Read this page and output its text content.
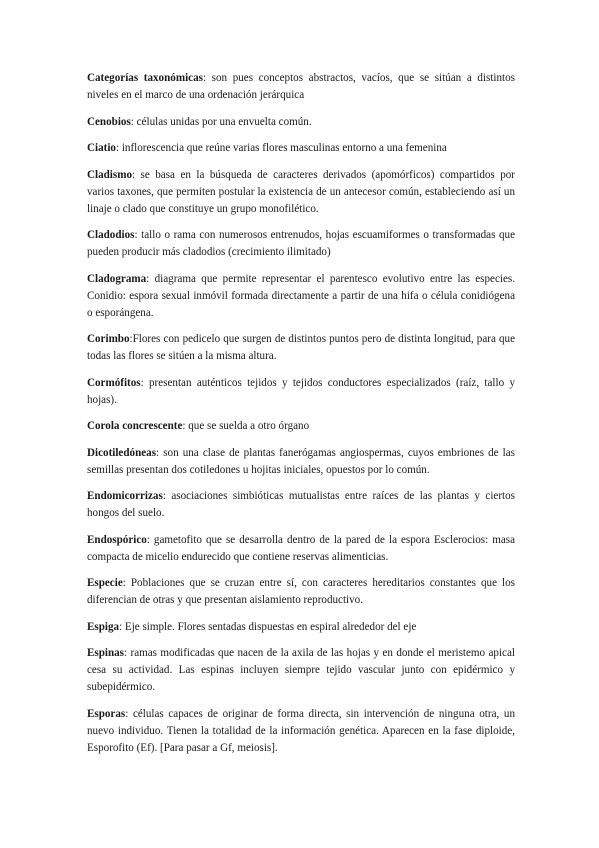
Categorías taxonómicas: son pues conceptos abstractos, vacíos, que se sitúan a distintos niveles en el marco de una ordenación jerárquica

Cenobios: células unidas por una envuelta común.

Ciatio: inflorescencia que reúne varias flores masculinas entorno a una femenina

Cladismo: se basa en la búsqueda de caracteres derivados (apomórficos) compartidos por varios taxones, que permiten postular la existencia de un antecesor común, estableciendo así un linaje o clado que constituye un grupo monofilético.

Cladodios: tallo o rama con numerosos entrenudos, hojas escuamiformes o transformadas que pueden producir más cladodios (crecimiento ilimitado)

Cladograma: diagrama que permite representar el parentesco evolutivo entre las especies. Conidio: espora sexual inmóvil formada directamente a partir de una hifa o célula conidiógena o esporángena.

Corimbo:Flores con pedicelo que surgen de distintos puntos pero de distinta longitud, para que todas las flores se sitúen a la misma altura.

Cormófitos: presentan auténticos tejidos y tejidos conductores especializados (raíz, tallo y hojas).

Corola concrescente: que se suelda a otro órgano

Dicotiledóneas: son una clase de plantas fanerógamas angiospermas, cuyos embriones de las semillas presentan dos cotiledones u hojitas iniciales, opuestos por lo común.

Endomicorrizas: asociaciones simbióticas mutualistas entre raíces de las plantas y ciertos hongos del suelo.

Endospórico: gametofito que se desarrolla dentro de la pared de la espora Esclerocios: masa compacta de micelio endurecido que contiene reservas alimenticias.

Especie: Poblaciones que se cruzan entre sí, con caracteres hereditarios constantes que los diferencian de otras y que presentan aislamiento reproductivo.

Espiga: Eje simple. Flores sentadas dispuestas en espiral alrededor del eje

Espinas: ramas modificadas que nacen de la axila de las hojas y en donde el meristemo apical cesa su actividad. Las espinas incluyen siempre tejido vascular junto con epidérmico y subepidérmico.

Esporas: células capaces de originar de forma directa, sin intervención de ninguna otra, un nuevo individuo. Tienen la totalidad de la información genética. Aparecen en la fase diploide, Esporofito (Ef). [Para pasar a Gf, meiosis].
